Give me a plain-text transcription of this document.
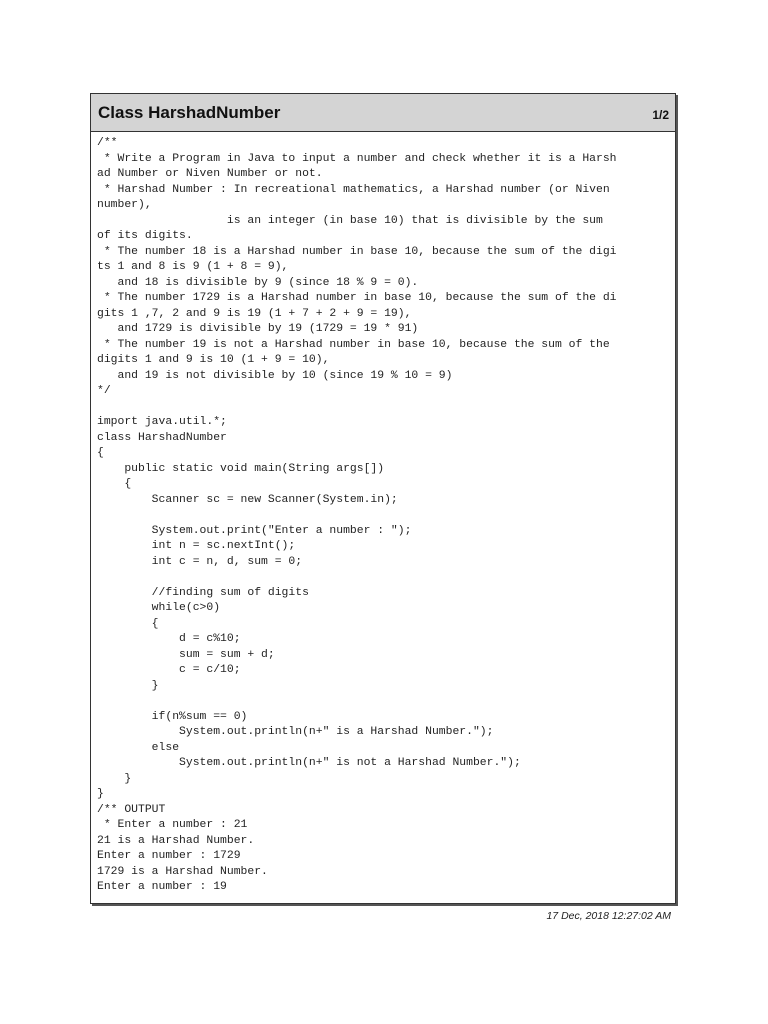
Class HarshadNumber	1/2
/**
* Write a Program in Java to input a number and check whether it is a Harsh
ad Number or Niven Number or not.
* Harshad Number : In recreational mathematics, a Harshad number (or Niven
number),
is an integer (in base 10) that is divisible by the sum
of its digits.
* The number 18 is a Harshad number in base 10, because the sum of the digi
ts 1 and 8 is 9 (1 + 8 = 9),
and 18 is divisible by 9 (since 18 % 9 = 0).
* The number 1729 is a Harshad number in base 10, because the sum of the di
gits 1 ,7, 2 and 9 is 19 (1 + 7 + 2 + 9 = 19),
and 1729 is divisible by 19 (1729 = 19 * 91)
* The number 19 is not a Harshad number in base 10, because the sum of the
digits 1 and 9 is 10 (1 + 9 = 10),
and 19 is not divisible by 10 (since 19 % 10 = 9)
*/
import java.util.*;
class HarshadNumber
{
public static void main(String args[])
{
Scanner sc = new Scanner(System.in);
System.out.print("Enter a number : ");
int n = sc.nextInt();
int c = n, d, sum = 0;
//finding sum of digits
while(c>0)
{
d = c%10;
sum = sum + d;
c = c/10;
}
if(n%sum == 0)
System.out.println(n+" is a Harshad Number.");
else
System.out.println(n+" is not a Harshad Number.");
}
}
/** OUTPUT
* Enter a number : 21
21 is a Harshad Number.
Enter a number : 1729
1729 is a Harshad Number.
Enter a number : 19
17 Dec, 2018 12:27:02 AM
